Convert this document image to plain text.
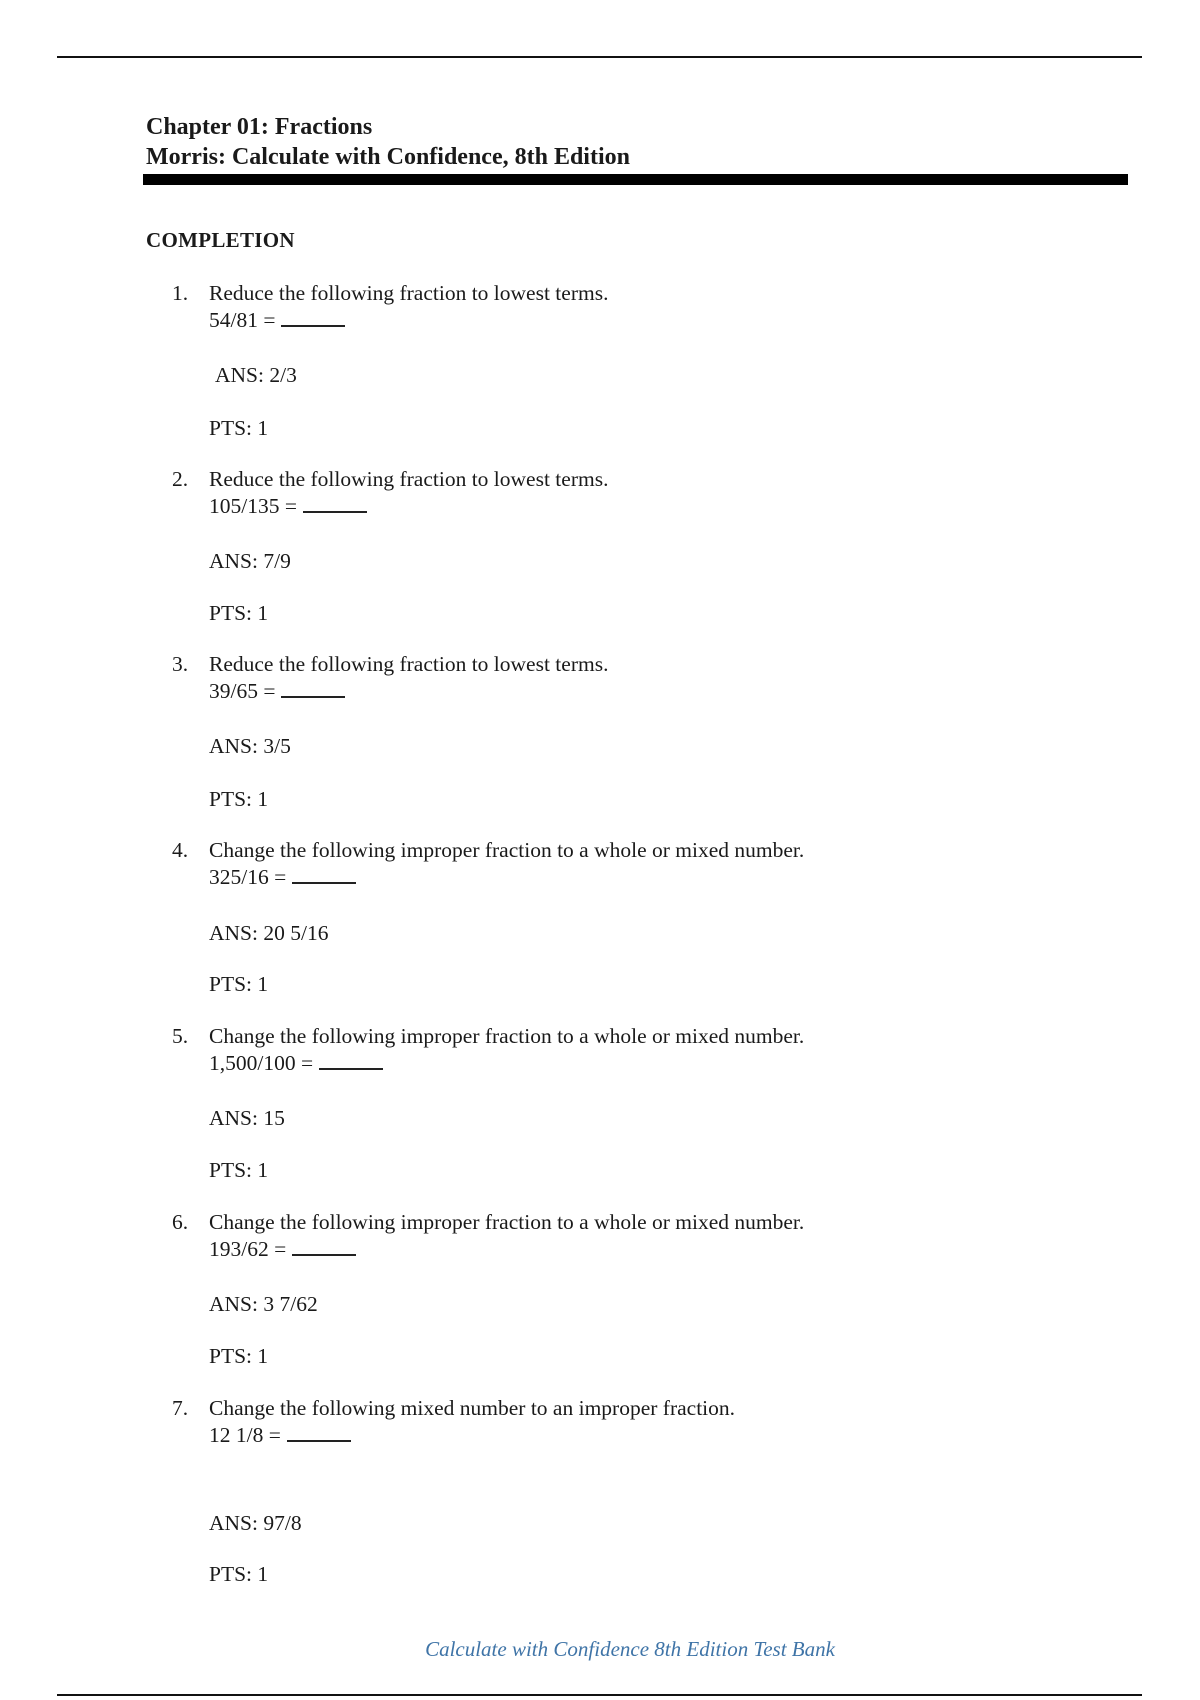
Chapter 01: Fractions
Morris: Calculate with Confidence, 8th Edition
COMPLETION
1. Reduce the following fraction to lowest terms.
54/81 =
ANS: 2/3
PTS: 1
2. Reduce the following fraction to lowest terms.
105/135 =
ANS: 7/9
PTS: 1
3. Reduce the following fraction to lowest terms.
39/65 =
ANS: 3/5
PTS: 1
4. Change the following improper fraction to a whole or mixed number.
325/16 =
ANS: 20 5/16
PTS: 1
5. Change the following improper fraction to a whole or mixed number.
1,500/100 =
ANS: 15
PTS: 1
6. Change the following improper fraction to a whole or mixed number.
193/62 =
ANS: 3 7/62
PTS: 1
7. Change the following mixed number to an improper fraction.
12 1/8 =
ANS: 97/8
PTS: 1
Calculate with Confidence 8th Edition Test Bank
